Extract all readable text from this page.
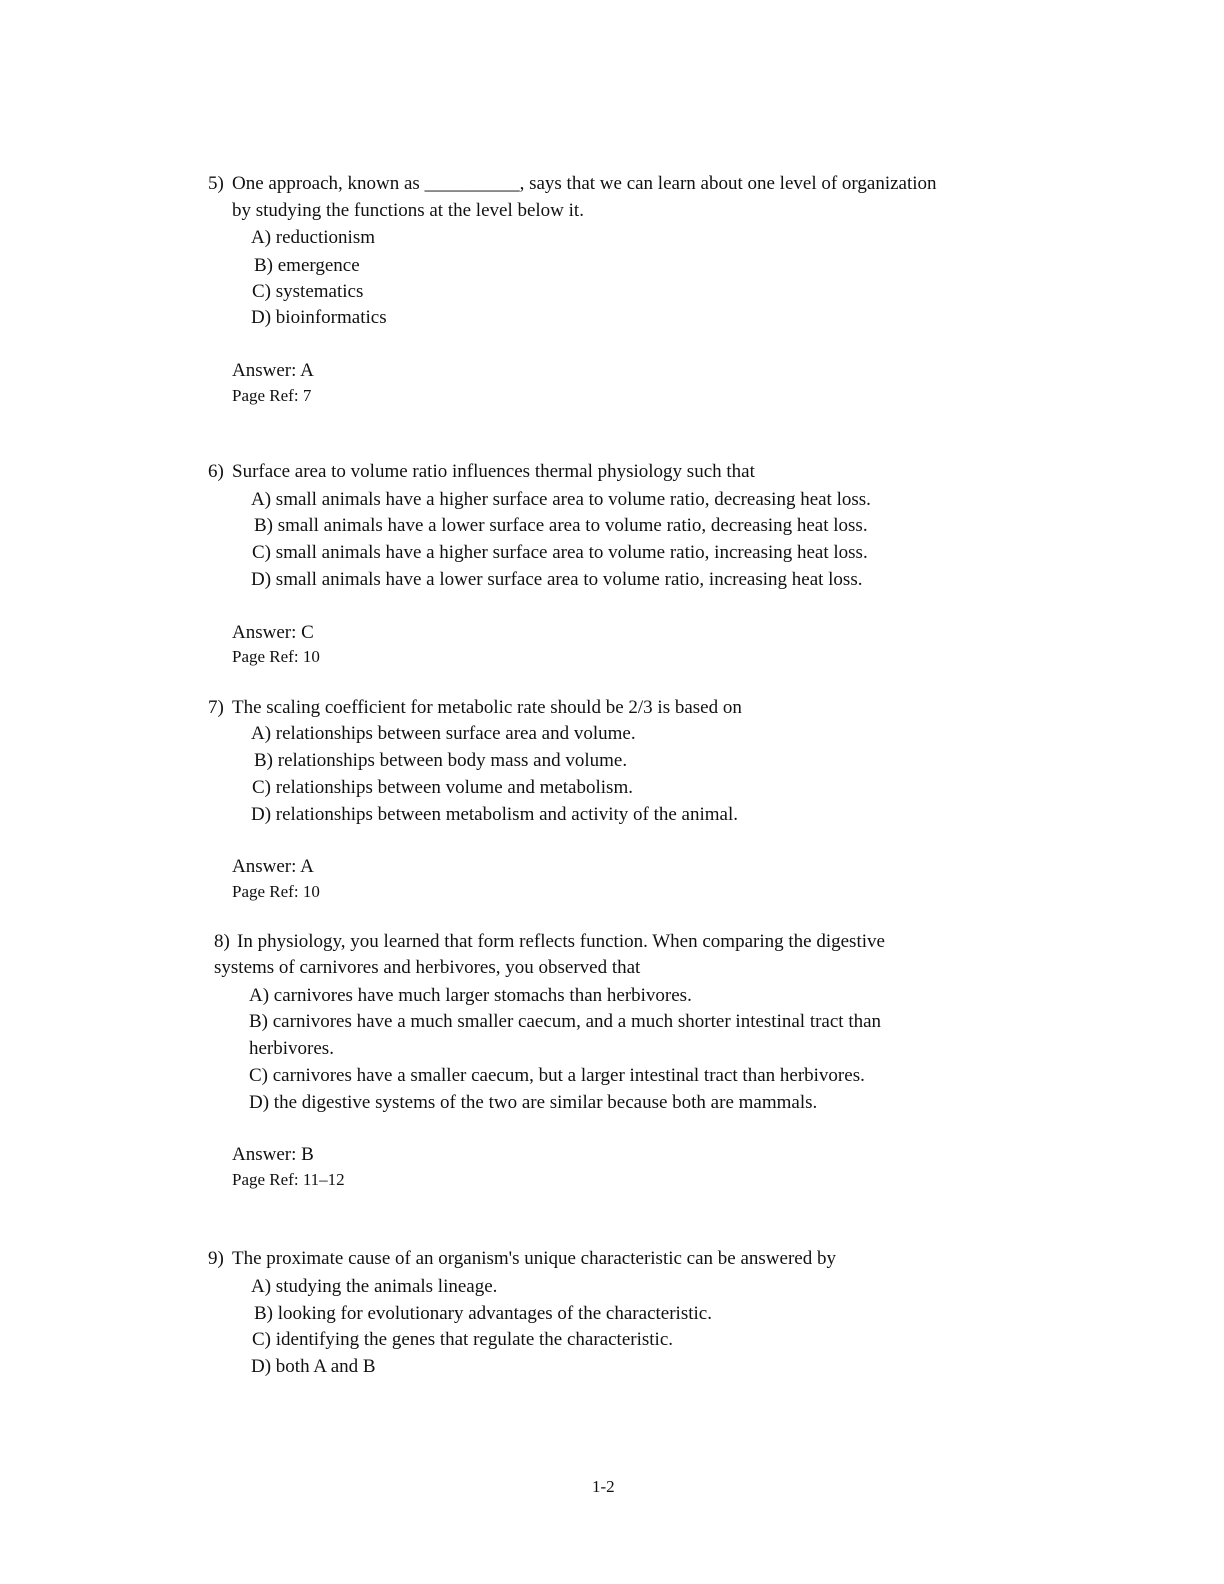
5) One approach, known as __________, says that we can learn about one level of organization
by studying the functions at the level below it.
A) reductionism
B) emergence
C) systematics
D) bioinformatics
Answer: A
Page Ref: 7
6) Surface area to volume ratio influences thermal physiology such that
A) small animals have a higher surface area to volume ratio, decreasing heat loss.
B) small animals have a lower surface area to volume ratio, decreasing heat loss.
C) small animals have a higher surface area to volume ratio, increasing heat loss.
D) small animals have a lower surface area to volume ratio, increasing heat loss.
Answer: C
Page Ref: 10
7) The scaling coefficient for metabolic rate should be 2/3 is based on
A) relationships between surface area and volume.
B) relationships between body mass and volume.
C) relationships between volume and metabolism.
D) relationships between metabolism and activity of the animal.
Answer: A
Page Ref: 10
8) In physiology, you learned that form reflects function. When comparing the digestive
systems of carnivores and herbivores, you observed that
A) carnivores have much larger stomachs than herbivores.
B) carnivores have a much smaller caecum, and a much shorter intestinal tract than
herbivores.
C) carnivores have a smaller caecum, but a larger intestinal tract than herbivores.
D) the digestive systems of the two are similar because both are mammals.
Answer: B
Page Ref: 11–12
9) The proximate cause of an organism's unique characteristic can be answered by
A) studying the animals lineage.
B) looking for evolutionary advantages of the characteristic.
C) identifying the genes that regulate the characteristic.
D) both A and B
1-2
